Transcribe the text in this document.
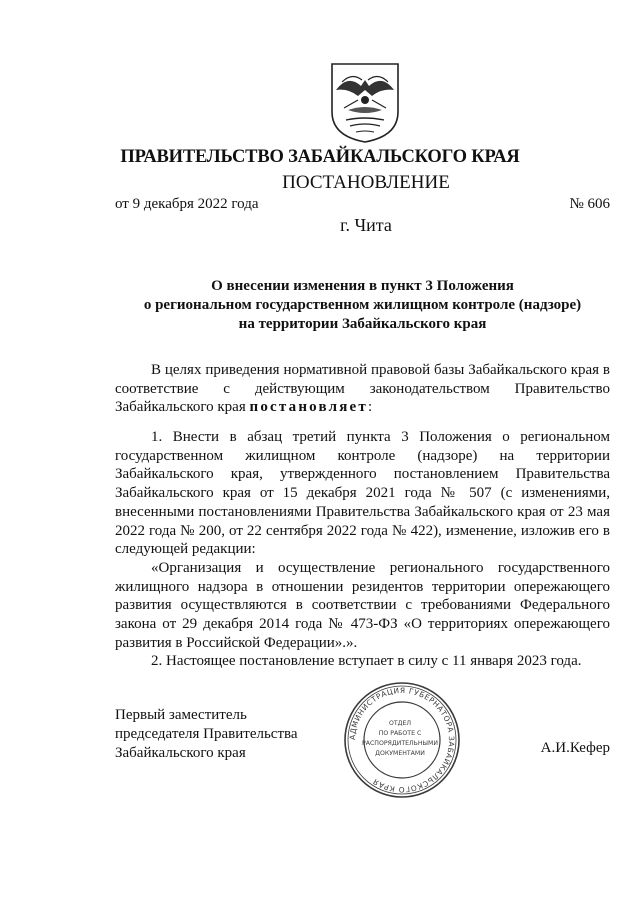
ПРАВИТЕЛЬСТВО ЗАБАЙКАЛЬСКОГО КРАЯ
ПОСТАНОВЛЕНИЕ
от 9 декабря 2022 года	№ 606
г. Чита
О внесении изменения в пункт 3 Положения
о региональном государственном жилищном контроле (надзоре)
на территории Забайкальского края

В целях приведения нормативной правовой базы Забайкальского края в соответствие с действующим законодательством Правительство Забайкальского края постановляет:

1. Внести в абзац третий пункта 3 Положения о региональном государственном жилищном контроле (надзоре) на территории Забайкальского края, утвержденного постановлением Правительства Забайкальского края от 15 декабря 2021 года № 507 (с изменениями, внесенными постановлениями Правительства Забайкальского края от 23 мая 2022 года № 200, от 22 сентября 2022 года № 422), изменение, изложив его в следующей редакции:

«Организация и осуществление регионального государственного жилищного надзора в отношении резидентов территории опережающего развития осуществляются в соответствии с требованиями Федерального закона от 29 декабря 2014 года № 473-ФЗ «О территориях опережающего развития в Российской Федерации».».

2. Настоящее постановление вступает в силу с 11 января 2023 года.

Первый заместитель
председателя Правительства
Забайкальского края	А.И.Кефер
АДМИНИСТРАЦИЯ ГУБЕРНАТОРА ЗАБАЙКАЛЬСКОГО КРАЯ
ОТДЕЛ
ПО РАБОТЕ С
РАСПОРЯДИТЕЛЬНЫМИ
ДОКУМЕНТАМИ
